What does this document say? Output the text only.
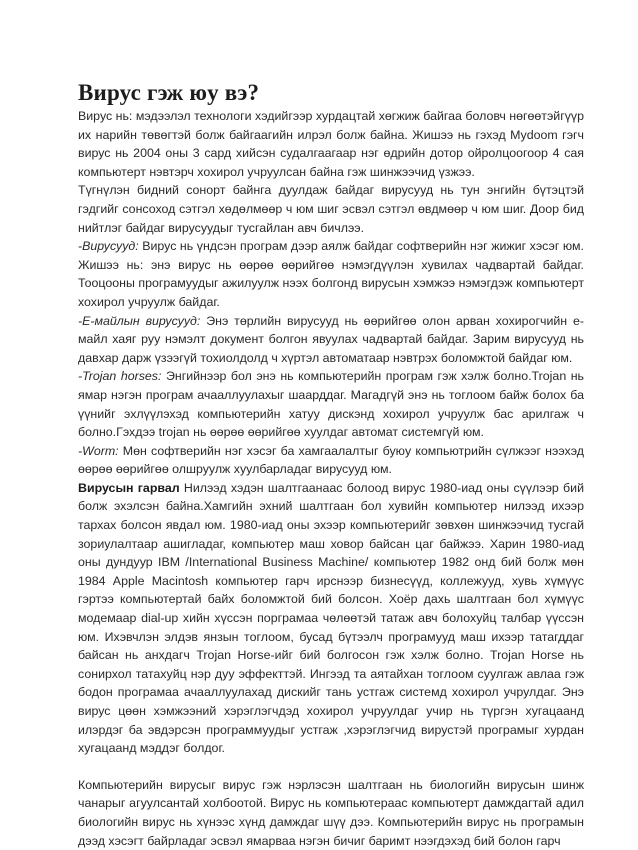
Вирус гэж юу вэ?

Вирус нь: мэдээлэл технологи хэдийгээр хурдацтай хөгжиж байгаа боловч нөгөөтэйгүүр их нарийн төвөгтэй болж байгаагийн илрэл болж байна. Жишээ нь гэхэд Mydoom гэгч вирус нь 2004 оны 3 сард хийсэн судалгаагаар нэг өдрийн дотор ойролцоогоор 4 сая компьютерт нэвтэрч хохирол учруулсан байна гэж шинжээчид үзжээ.

Түгнүлэн бидний сонорт байнга дуулдаж байдаг вирусууд нь тун энгийн бүтэцтэй гэдгийг сонсоход сэтгэл хөдөлмөөр ч юм шиг эсвэл сэтгэл өвдмөөр ч юм шиг. Доор бид нийтлэг байдаг вирусуудыг тусгайлан авч бичлээ.

-Вирусууд: Вирус нь үндсэн програм дээр аялж байдаг софтверийн нэг жижиг хэсэг юм. Жишээ нь: энэ вирус нь өөрөө өөрийгөө нэмэгдүүлэн хувилах чадвартай байдаг. Тооцооны програмуудыг ажилуулж нээх болгонд вирусын хэмжээ нэмэгдэж компьютерт хохирол учруулж байдаг.

-Е-майлын вирусууд: Энэ төрлийн вирусууд нь өөрийгөө олон арван хохирогчийн е-майл хаяг руу нэмэлт документ болгон явуулах чадвартай байдаг. Зарим вирусууд нь давхар дарж үзээгүй тохиолдолд ч хүртэл автоматаар нэвтрэх боломжтой байдаг юм.

-Trojan horses: Энгийнээр бол энэ нь компьютерийн програм гэж хэлж болно.Trojan нь ямар нэгэн програм ачааллуулахыг шаарддаг. Магадгүй энэ нь тоглоом байж болох ба үүнийг эхлүүлэхэд компьютерийн хатуу дискэнд хохирол учруулж бас арилгаж ч болно.Гэхдээ trojan нь өөрөө өөрийгөө хуулдаг автомат системгүй юм.

-Worm: Мөн софтверийн нэг хэсэг ба хамгаалалтыг буюу компьютрийн сүлжээг нээхэд өөрөө өөрийгөө олшруулж хуулбарладаг вирусууд юм.

Вирусын гарвал Нилээд хэдэн шалтгаанаас болоод вирус 1980-иад оны сүүлээр бий болж эхэлсэн байна.Хамгийн эхний шалтгаан бол хувийн компьютер нилээд ихээр тархах болсон явдал юм. 1980-иад оны эхээр компьютерийг зөвхөн шинжээчид тусгай зориулалтаар ашигладаг, компьютер маш ховор байсан цаг байжээ. Харин 1980-иад оны дундуур IBM /International Business Machine/ компьютер 1982 онд бий болж мөн 1984 Apple Macintosh компьютер гарч ирснээр бизнесүүд, коллежууд, хувь хүмүүс гэртээ компьютертай байх боломжтой бий болсон. Хоёр дахь шалтгаан бол хүмүүс модемаар dial-up хийн хүссэн порграмаа чөлөөтэй татаж авч болохуйц талбар үүссэн юм. Ихэвчлэн элдэв янзын тоглоом, бусад бүтээлч програмууд маш ихээр татагддаг байсан нь анхдагч Trojan Horse-ийг бий болгосон гэж хэлж болно. Trojan Horse нь сонирхол татахуйц нэр дуу эффекттэй. Ингээд та аятайхан тоглоом суулгаж авлаа гэж бодон програмаа ачааллуулахад дискийг тань устгаж системд хохирол учрулдаг. Энэ вирус цөөн хэмжээний хэрэглэгчдэд хохирол учруулдаг учир нь түргэн хугацаанд илэрдэг ба эвдэрсэн программуудыг устгаж ,хэрэглэгчид вирустэй програмыг хурдан хугацаанд мэддэг болдог.

Компьютерийн вирусыг вирус гэж нэрлэсэн шалтгаан нь биологийн вирусын шинж чанарыг агуулсантай холбоотой. Вирус нь компьютераас компьютерт дамждагтай адил биологийн вирус нь хүнээс хүнд дамждаг шүү дээ. Компьютерийн вирус нь програмын дээд хэсэгт байрладаг эсвэл ямарваа нэгэн бичиг баримт нээгдэхэд бий болон гарч
